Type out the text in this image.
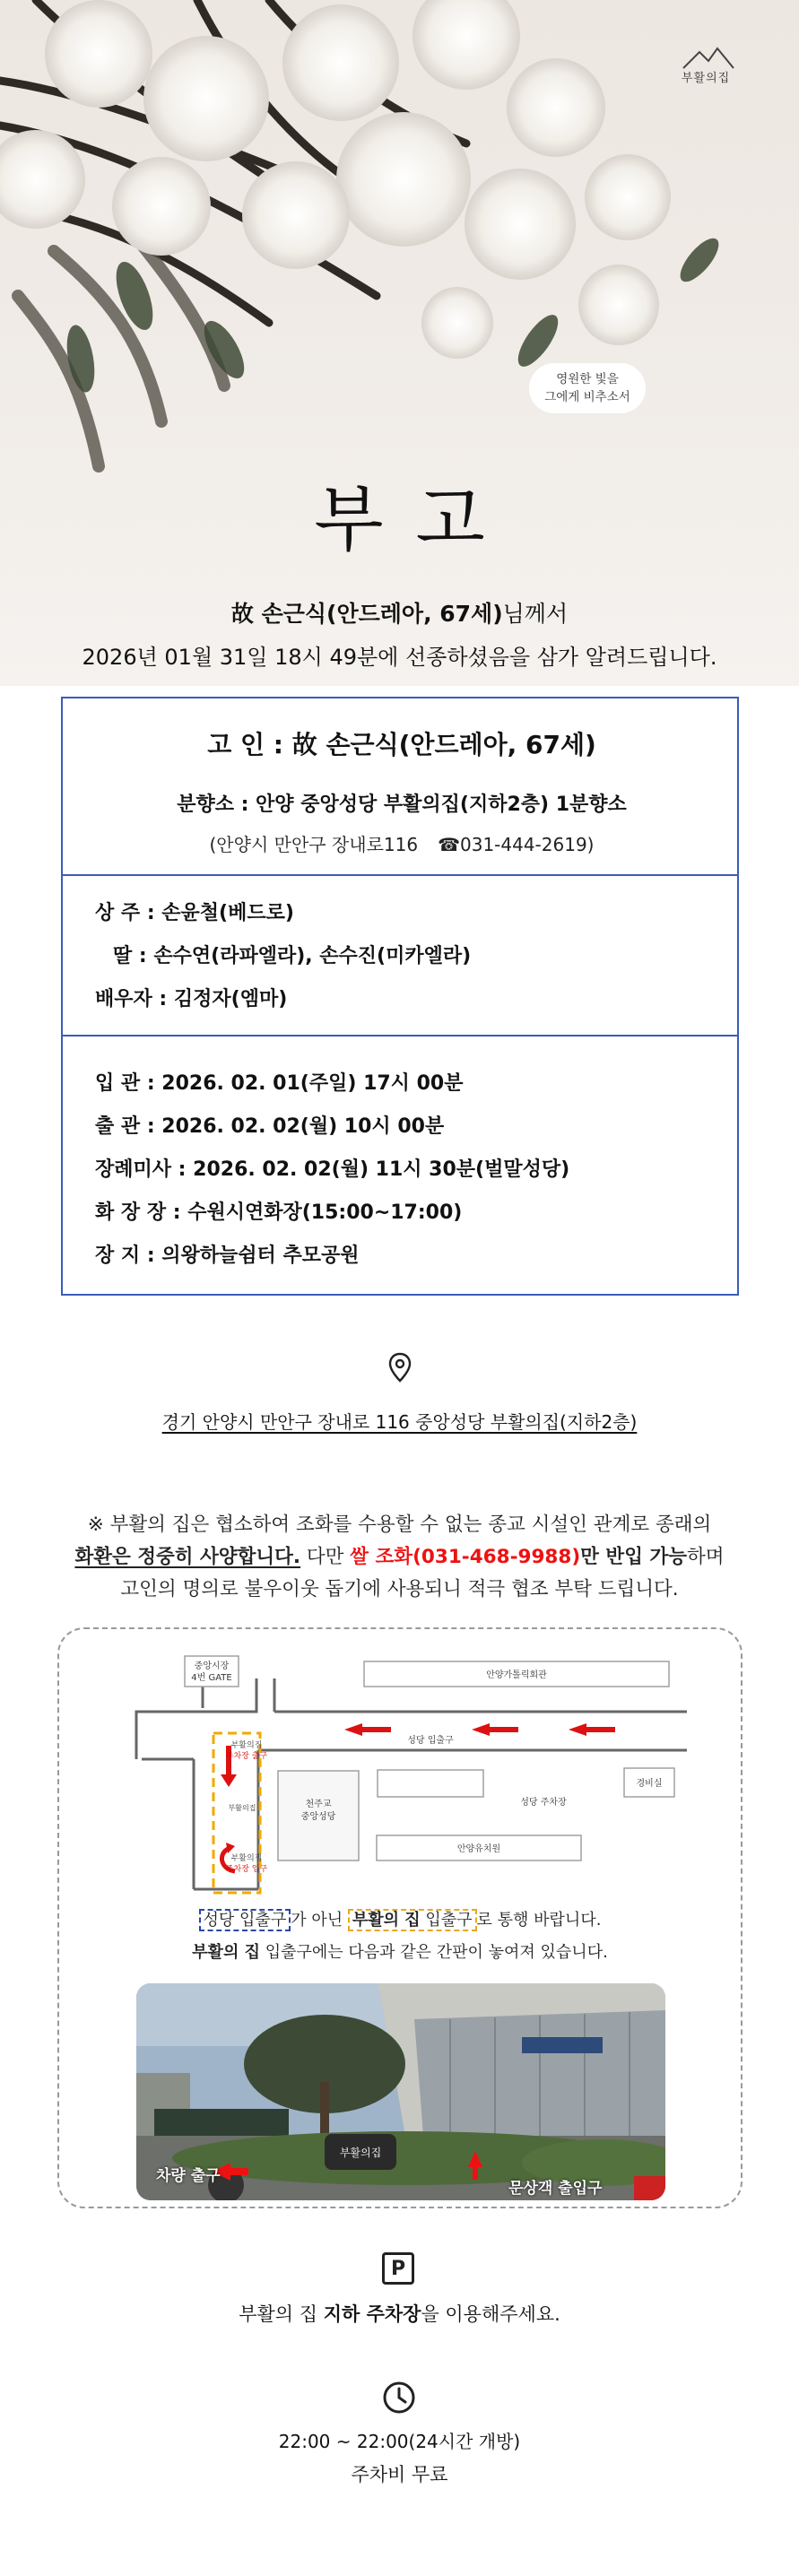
부활의집
영원한 빛을
그에게 비추소서
부고
故 손근식(안드레아, 67세)님께서
2026년 01월 31일 18시 49분에 선종하셨음을 삼가 알려드립니다.
고 인 : 故 손근식(안드레아, 67세)
분향소 : 안양 중앙성당 부활의집(지하2층) 1분향소
(안양시 만안구 장내로116 ☎031-444-2619)
상 주 : 손윤철(베드로)
딸 : 손수연(라파엘라), 손수진(미카엘라)
배우자 : 김정자(엠마)
입 관 : 2026. 02. 01(주일) 17시 00분
출 관 : 2026. 02. 02(월) 10시 00분
장례미사 : 2026. 02. 02(월) 11시 30분(벌말성당)
화 장 장 : 수원시연화장(15:00~17:00)
장 지 : 의왕하늘쉼터 추모공원
경기 안양시 만안구 장내로 116 중앙성당 부활의집(지하2층)
※ 부활의 집은 협소하여 조화를 수용할 수 없는 종교 시설인 관계로 종래의
화환은 정중히 사양합니다. 다만 쌀 조화(031-468-9988)만 반입 가능하며
고인의 명의로 불우이웃 돕기에 사용되니 적극 협조 부탁 드립니다.
중앙시장
4번 GATE	안양가톨릭회관
성당 입출구
경비실
천주교
중앙성당
성당 주차장
안양유치원
부활의집
주차장 출구
부활의집
주차장 입구
부활의집
성당 입출구 가 아닌 부활의 집 입출구 로 통행 바랍니다.
부활의 집 입출구에는 다음과 같은 간판이 놓여져 있습니다.
부활의집
차량 출구
문상객 출입구
P
부활의 집 지하 주차장을 이용해주세요.
22:00 ~ 22:00(24시간 개방)
주차비 무료
